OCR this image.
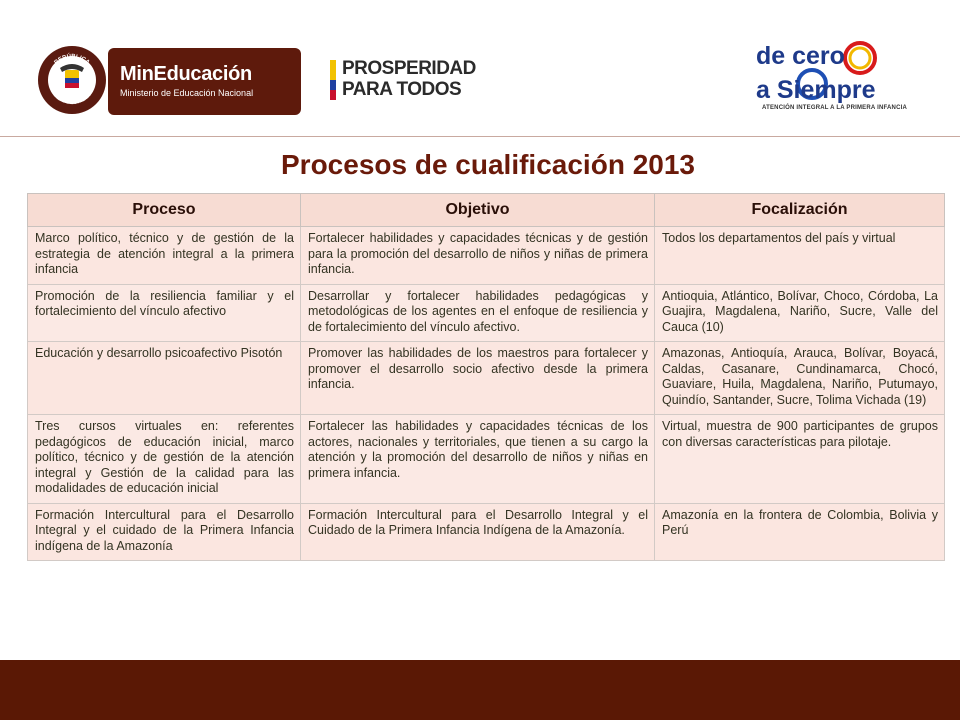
REPÚBLICA
DE COLOMBIA
MinEducación
Ministerio de Educación Nacional
PROSPERIDAD
PARA TODOS
de cero
a Siempre
ATENCIÓN INTEGRAL A LA PRIMERA INFANCIA
Procesos de cualificación 2013
Proceso	Objetivo	Focalización
Marco político, técnico y de gestión de la estrategia de atención integral a la primera infancia	Fortalecer habilidades y capacidades técnicas y de gestión para la promoción del desarrollo de niños y niñas de primera infancia.	Todos los departamentos del país y virtual
Promoción de la resiliencia familiar y el fortalecimiento del vínculo afectivo	Desarrollar y fortalecer habilidades pedagógicas y metodológicas de los agentes en el enfoque de resiliencia y de fortalecimiento del vínculo afectivo.	Antioquia, Atlántico, Bolívar, Choco, Córdoba, La Guajira, Magdalena, Nariño, Sucre, Valle del Cauca (10)
Educación y desarrollo psicoafectivo Pisotón	Promover las habilidades de los maestros para fortalecer y promover el desarrollo socio afectivo desde la primera infancia.	Amazonas, Antioquía, Arauca, Bolívar, Boyacá, Caldas, Casanare, Cundinamarca, Chocó, Guaviare, Huila, Magdalena, Nariño, Putumayo, Quindío, Santander, Sucre, Tolima Vichada (19)
Tres cursos virtuales en: referentes pedagógicos de educación inicial, marco político, técnico y de gestión de la atención integral y Gestión de la calidad para las modalidades de educación inicial	Fortalecer las habilidades y capacidades técnicas de los actores, nacionales y territoriales, que tienen a su cargo la atención y la promoción del desarrollo de niños y niñas en primera infancia.	Virtual, muestra de 900 participantes de grupos con diversas características para pilotaje.
Formación Intercultural para el Desarrollo Integral y el cuidado de la Primera Infancia indígena de la Amazonía	Formación Intercultural para el Desarrollo Integral y el Cuidado de la Primera Infancia Indígena de la Amazonía.	Amazonía en la frontera de Colombia, Bolivia y Perú
